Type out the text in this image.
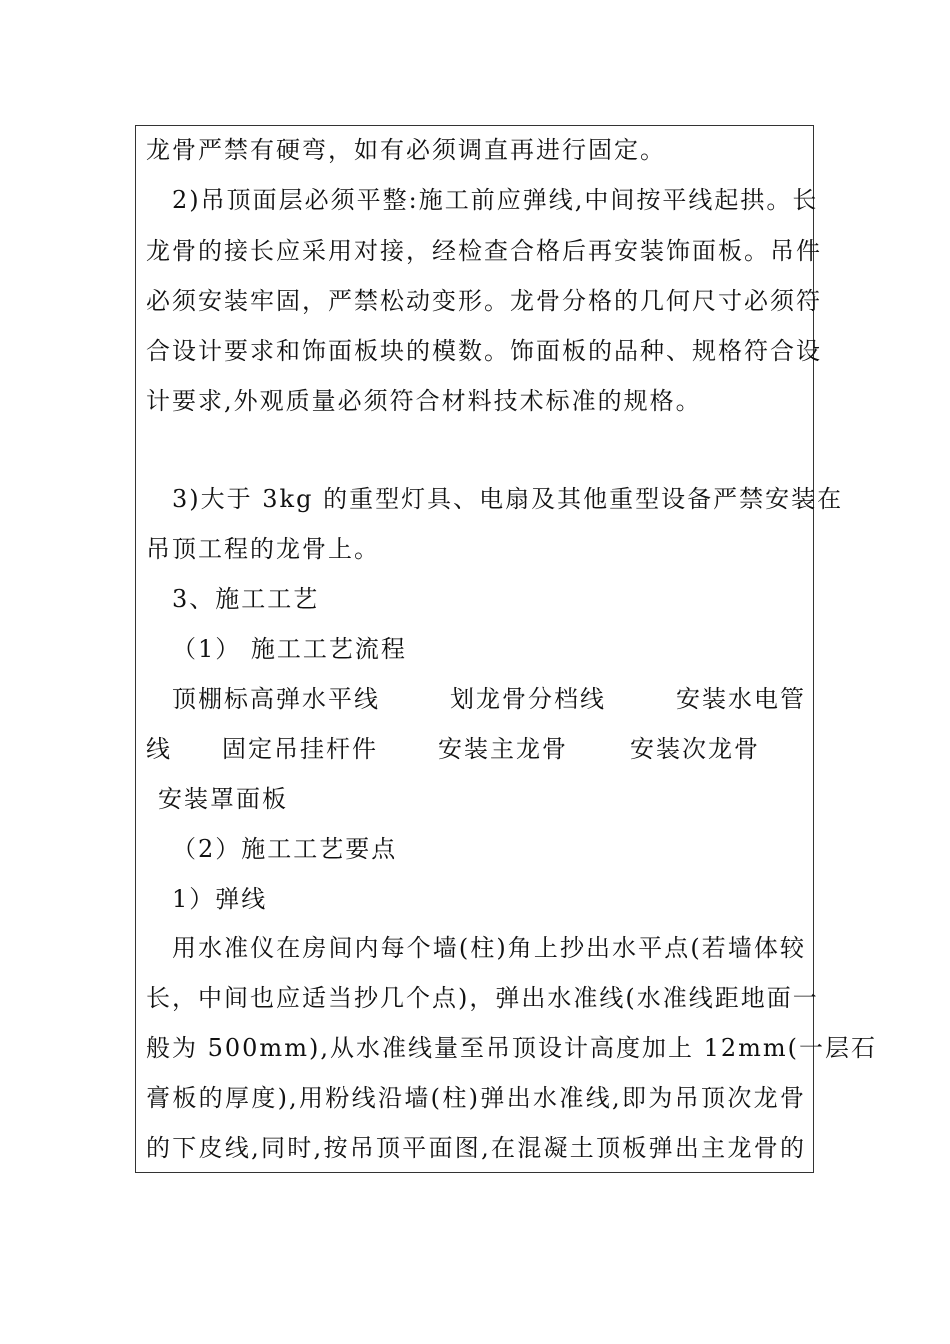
龙骨严禁有硬弯，如有必须调直再进行固定。
2)吊顶面层必须平整:施工前应弹线,中间按平线起拱。长
龙骨的接长应采用对接，经检查合格后再安装饰面板。吊件
必须安装牢固，严禁松动变形。龙骨分格的几何尺寸必须符
合设计要求和饰面板块的模数。饰面板的品种、规格符合设
计要求,外观质量必须符合材料技术标准的规格。
3)大于 3kg 的重型灯具、电扇及其他重型设备严禁安装在
吊顶工程的龙骨上。
3、施工工艺
（1） 施工工艺流程
顶棚标高弹水平线	划龙骨分档线	安装水电管
线 固定吊挂杆件	安装主龙骨	安装次龙骨
安装罩面板
（2）施工工艺要点
1）弹线
用水准仪在房间内每个墙(柱)角上抄出水平点(若墙体较
长，中间也应适当抄几个点)，弹出水准线(水准线距地面一
般为 500mm),从水准线量至吊顶设计高度加上 12mm(一层石
膏板的厚度),用粉线沿墙(柱)弹出水准线,即为吊顶次龙骨
的下皮线,同时,按吊顶平面图,在混凝土顶板弹出主龙骨的
